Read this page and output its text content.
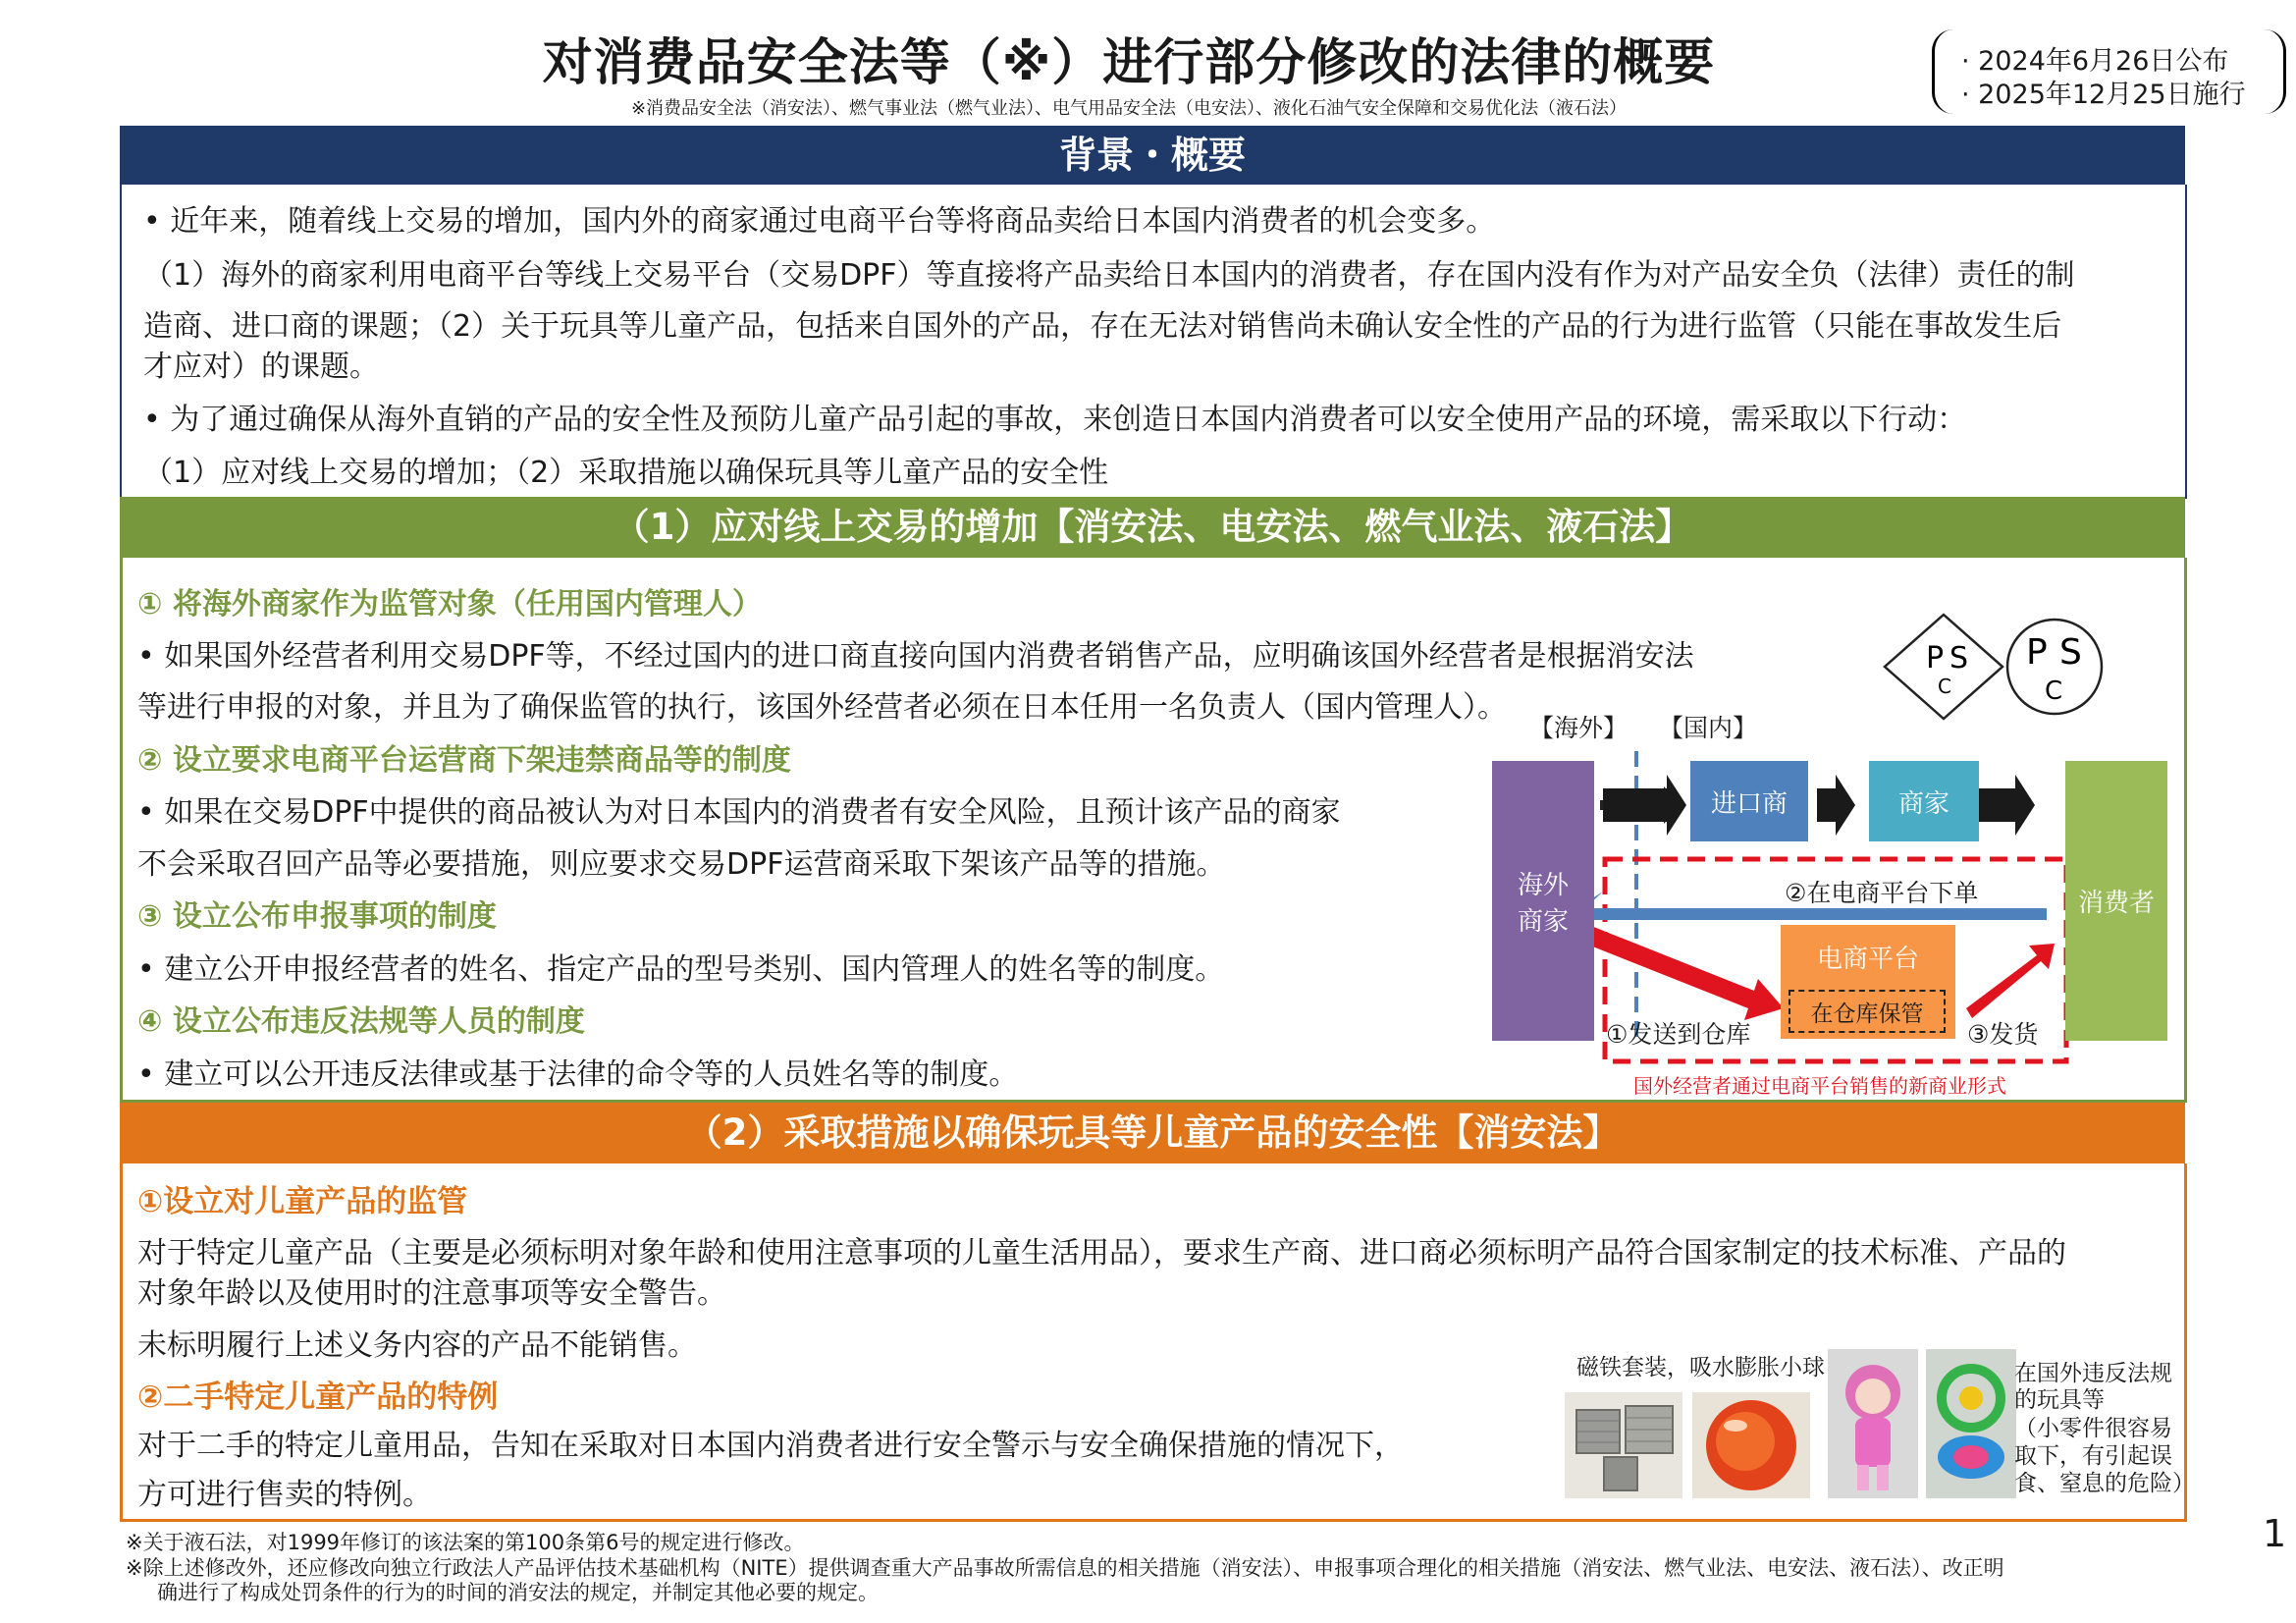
对消费品安全法等（※）进行部分修改的法律的概要
※消费品安全法（消安法）、燃气事业法（燃气业法）、电气用品安全法（电安法）、液化石油气安全保障和交易优化法（液石法）
· 2024年6月26日公布
· 2025年12月25日施行
背景・概要
• 近年来，随着线上交易的增加，国内外的商家通过电商平台等将商品卖给日本国内消费者的机会变多。
（1）海外的商家利用电商平台等线上交易平台（交易DPF）等直接将产品卖给日本国内的消费者，存在国内没有作为对产品安全负（法律）责任的制
造商、进口商的课题；（2）关于玩具等儿童产品，包括来自国外的产品，存在无法对销售尚未确认安全性的产品的行为进行监管（只能在事故发生后
才应对）的课题。
• 为了通过确保从海外直销的产品的安全性及预防儿童产品引起的事故，来创造日本国内消费者可以安全使用产品的环境，需采取以下行动：
（1）应对线上交易的增加；（2）采取措施以确保玩具等儿童产品的安全性
（1）应对线上交易的增加【消安法、电安法、燃气业法、液石法】
① 将海外商家作为监管对象（任用国内管理人）
• 如果国外经营者利用交易DPF等，不经过国内的进口商直接向国内消费者销售产品，应明确该国外经营者是根据消安法
等进行申报的对象，并且为了确保监管的执行，该国外经营者必须在日本任用一名负责人（国内管理人）。
② 设立要求电商平台运营商下架违禁商品等的制度
• 如果在交易DPF中提供的商品被认为对日本国内的消费者有安全风险，且预计该产品的商家
不会采取召回产品等必要措施，则应要求交易DPF运营商采取下架该产品等的措施。
③ 设立公布申报事项的制度
• 建立公开申报经营者的姓名、指定产品的型号类别、国内管理人的姓名等的制度。
④ 设立公布违反法规等人员的制度
• 建立可以公开违反法律或基于法律的命令等的人员姓名等的制度。
P S
C
P S
C
【海外】 【国内】
海外
商家
进口商	商家
消费者
②在电商平台下单
电商平台
在仓库保管
①发送到仓库	③发货
国外经营者通过电商平台销售的新商业形式
（2）采取措施以确保玩具等儿童产品的安全性【消安法】
①设立对儿童产品的监管
对于特定儿童产品（主要是必须标明对象年龄和使用注意事项的儿童生活用品），要求生产商、进口商必须标明产品符合国家制定的技术标准、产品的
对象年龄以及使用时的注意事项等安全警告。
未标明履行上述义务内容的产品不能销售。
②二手特定儿童产品的特例
对于二手的特定儿童用品，告知在采取对日本国内消费者进行安全警示与安全确保措施的情况下，
方可进行售卖的特例。
磁铁套装，吸水膨胀小球	在国外违反法规
的玩具等
（小零件很容易
取下，有引起误
食、窒息的危险）
※关于液石法，对1999年修订的该法案的第100条第6号的规定进行修改。
※除上述修改外，还应修改向独立行政法人产品评估技术基础机构（NITE）提供调查重大产品事故所需信息的相关措施（消安法）、申报事项合理化的相关措施（消安法、燃气业法、电安法、液石法）、改正明
确进行了构成处罚条件的行为的时间的消安法的规定，并制定其他必要的规定。
1
